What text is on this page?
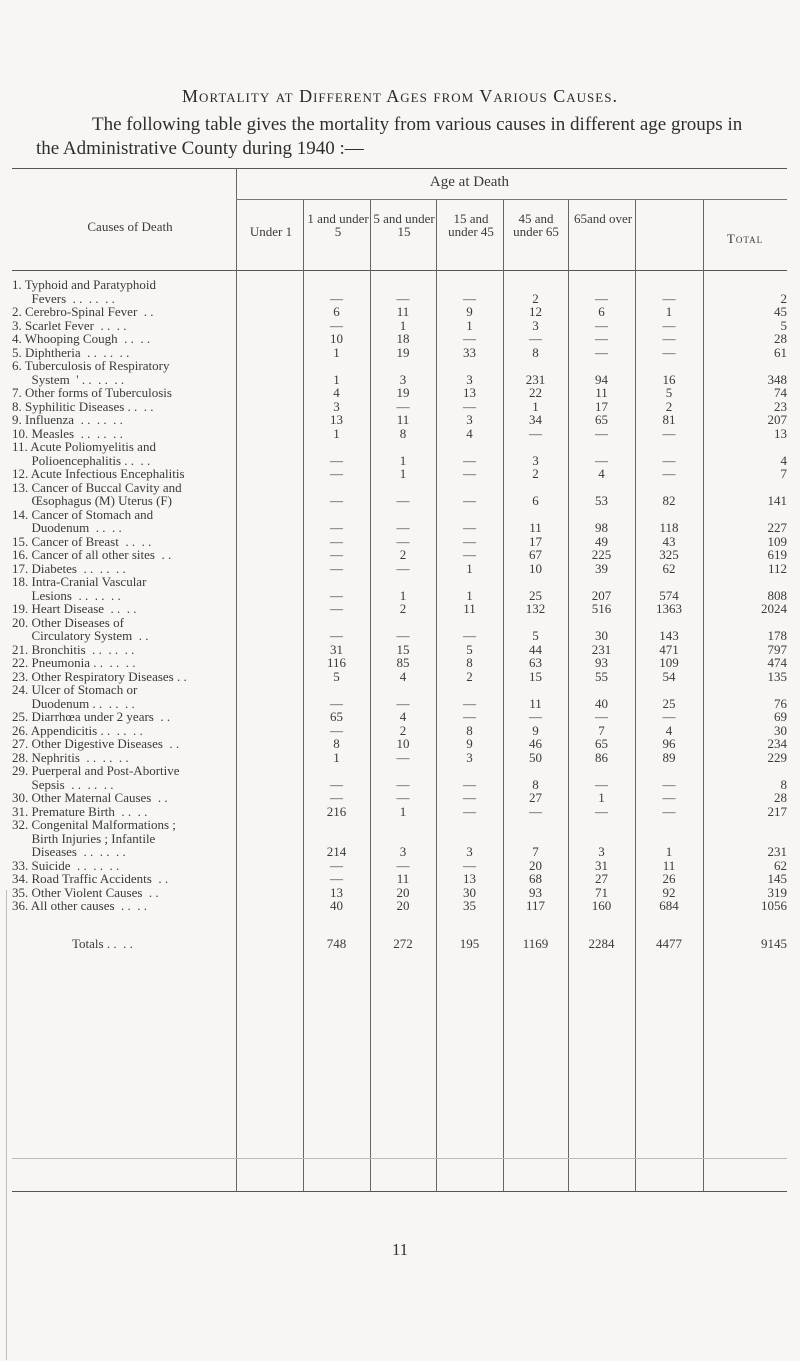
Mortality at Different Ages from Various Causes.
The following table gives the mortality from various causes in different age groups in the Administrative County during 1940 :—
Causes of Death
Age at Death
Under 1
1 and under 5
5 and under 15
15 and under 45
45 and under 65
65and over
Total

1. Typhoid and Paratyphoid
Fevers  . .  . .  . .		—	—	—	2	—	—	2

2. Cerebro-Spinal Fever  . .		6	11	9	12	6	1	45

3. Scarlet Fever  . .  . .		—	1	1	3	—	—	5

4. Whooping Cough  . .  . .		10	18	—	—	—	—	28

5. Diphtheria  . .  . .  . .		1	19	33	8	—	—	61

6. Tuberculosis of Respiratory
System  ' . .  . .  . .		1	3	3	231	94	16	348

7. Other forms of Tuberculosis		4	19	13	22	11	5	74

8. Syphilitic Diseases . .  . .		3	—	—	1	17	2	23

9. Influenza  . .  . .  . .		13	11	3	34	65	81	207

10. Measles  . .  . .  . .		1	8	4	—	—	—	13

11. Acute Poliomyelitis and
Polioencephalitis . .  . .		—	1	—	3	—	—	4

12. Acute Infectious Encephalitis		—	1	—	2	4	—	7

13. Cancer of Buccal Cavity and
Œsophagus (M) Uterus (F)		—	—	—	6	53	82	141

14. Cancer of Stomach and
Duodenum  . .  . .		—	—	—	11	98	118	227

15. Cancer of Breast  . .  . .		—	—	—	17	49	43	109

16. Cancer of all other sites  . .		—	2	—	67	225	325	619

17. Diabetes  . .  . .  . .		—	—	1	10	39	62	112

18. Intra-Cranial Vascular
Lesions  . .  . .  . .		—	1	1	25	207	574	808

19. Heart Disease  . .  . .		—	2	11	132	516	1363	2024

20. Other Diseases of
Circulatory System  . .		—	—	—	5	30	143	178

21. Bronchitis  . .  . .  . .		31	15	5	44	231	471	797

22. Pneumonia . .  . .  . .		116	85	8	63	93	109	474

23. Other Respiratory Diseases . .		5	4	2	15	55	54	135

24. Ulcer of Stomach or
Duodenum . .  . .  . .		—	—	—	11	40	25	76

25. Diarrhœa under 2 years  . .		65	4	—	—	—	—	69

26. Appendicitis . .  . .  . .		—	2	8	9	7	4	30

27. Other Digestive Diseases  . .		8	10	9	46	65	96	234

28. Nephritis  . .  . .  . .		1	—	3	50	86	89	229

29. Puerperal and Post-Abortive
Sepsis  . .  . .  . .		—	—	—	8	—	—	8

30. Other Maternal Causes  . .		—	—	—	27	1	—	28

31. Premature Birth  . .  . .		216	1	—	—	—	—	217

32. Congenital Malformations ;
Birth Injuries ; Infantile
Diseases  . .  . .  . .		214	3	3	7	3	1	231

33. Suicide  . .  . .  . .		—	—	—	20	31	11	62

34. Road Traffic Accidents  . .		—	11	13	68	27	26	145

35. Other Violent Causes  . .		13	20	30	93	71	92	319

36. All other causes  . .  . .		40	20	35	117	160	684	1056

Totals . .  . .		748	272	195	1169	2284	4477	9145
11
